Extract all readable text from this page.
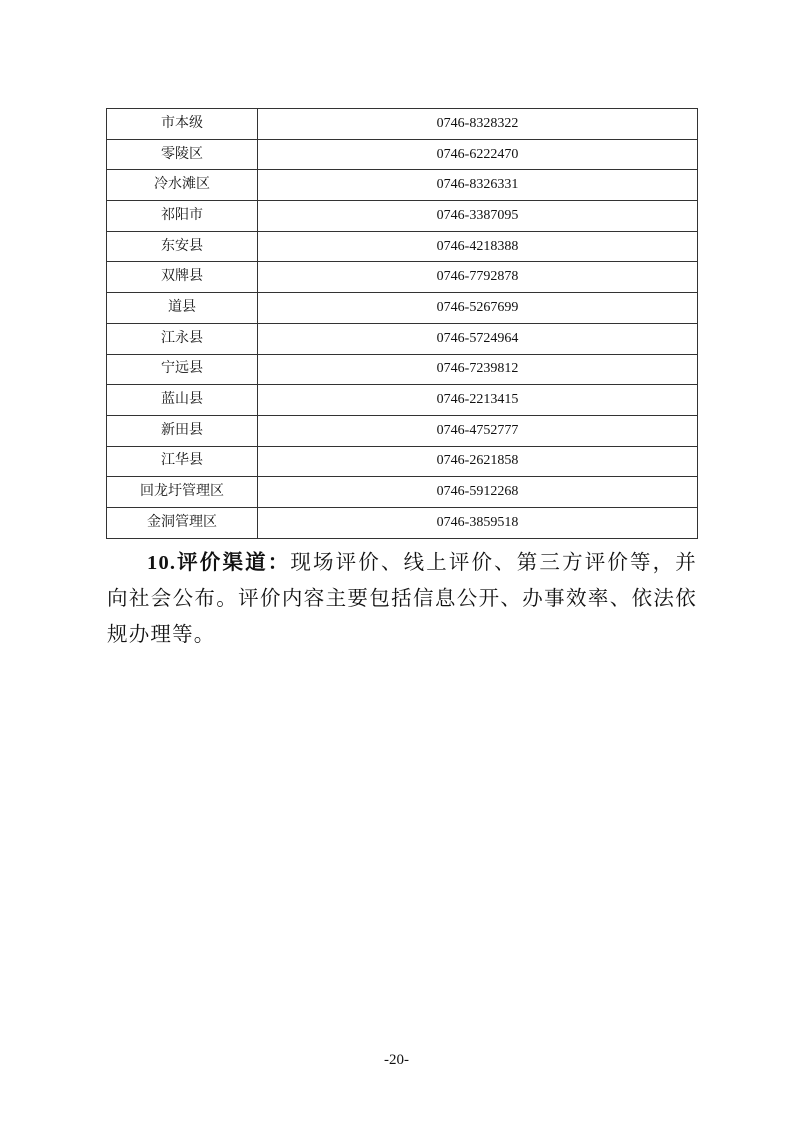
市本级	0746-8328322
零陵区	0746-6222470
冷水滩区	0746-8326331
祁阳市	0746-3387095
东安县	0746-4218388
双牌县	0746-7792878
道县	0746-5267699
江永县	0746-5724964
宁远县	0746-7239812
蓝山县	0746-2213415
新田县	0746-4752777
江华县	0746-2621858
回龙圩管理区	0746-5912268
金洞管理区	0746-3859518

10.评价渠道：现场评价、线上评价、第三方评价等，并向社会公布。评价内容主要包括信息公开、办事效率、依法依规办理等。

-20-
